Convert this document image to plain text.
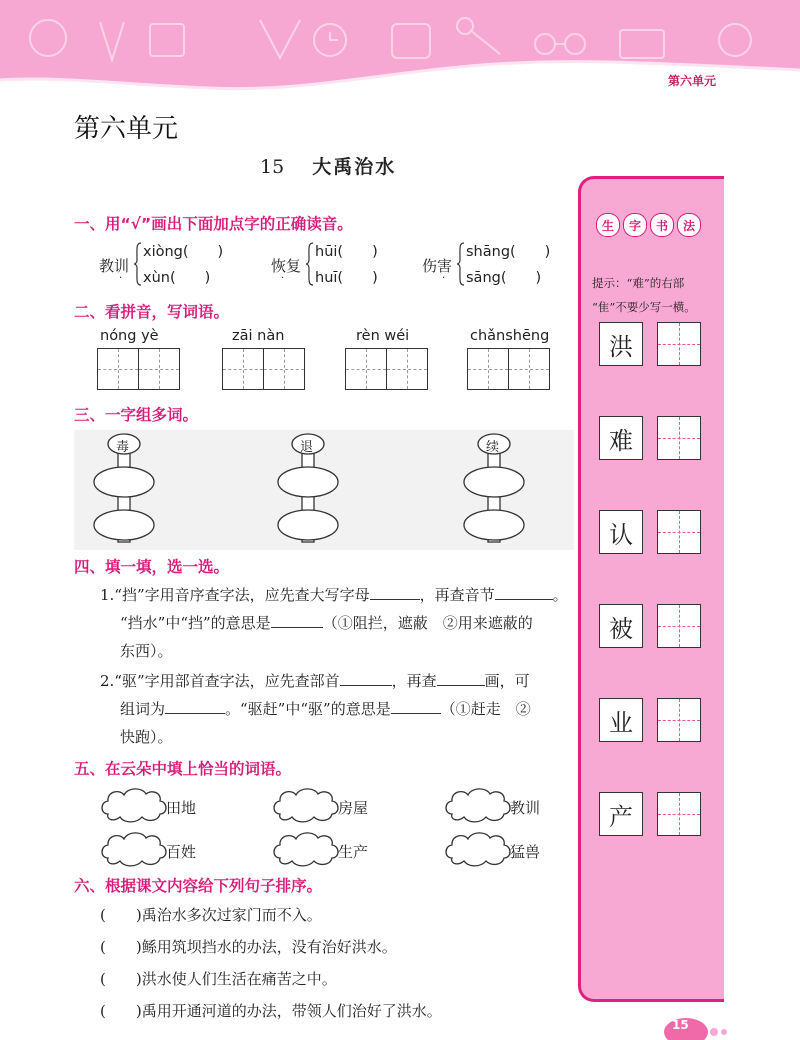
第六单元
第六单元
15 大禹治水
一、用“√”画出下面加点字的正确读音。
教训
·
xiòng(　　)
xùn(　　)
恢复
·
hūi(　　)
huī(　　)
伤害
·
shāng(　　)
sāng(　　)
二、看拼音，写词语。
nóng yè	zāi nàn	rèn wéi	chǎnshēng
三、一字组多词。
毒	退	续
四、填一填，选一选。
1.“挡”字用音序查字法，应先查大写字母	，再查音节	。
“挡水”中“挡”的意思是	（①阻拦，遮蔽　②用来遮蔽的
东西）。
2.“驱”字用部首查字法，应先查部首	，再查	画，可
组词为	。“驱赶”中“驱”的意思是	（①赶走　②
快跑）。
五、在云朵中填上恰当的词语。
田地	房屋	教训
百姓	生产	猛兽
六、根据课文内容给下列句子排序。
(　　)禹治水多次过家门而不入。
(　　)鲧用筑坝挡水的办法，没有治好洪水。
(　　)洪水使人们生活在痛苦之中。
(　　)禹用开通河道的办法，带领人们治好了洪水。
生	字	书	法
提示：“难”的右部
“隹”不要少写一横。
洪
难
认
被
业
产
15
